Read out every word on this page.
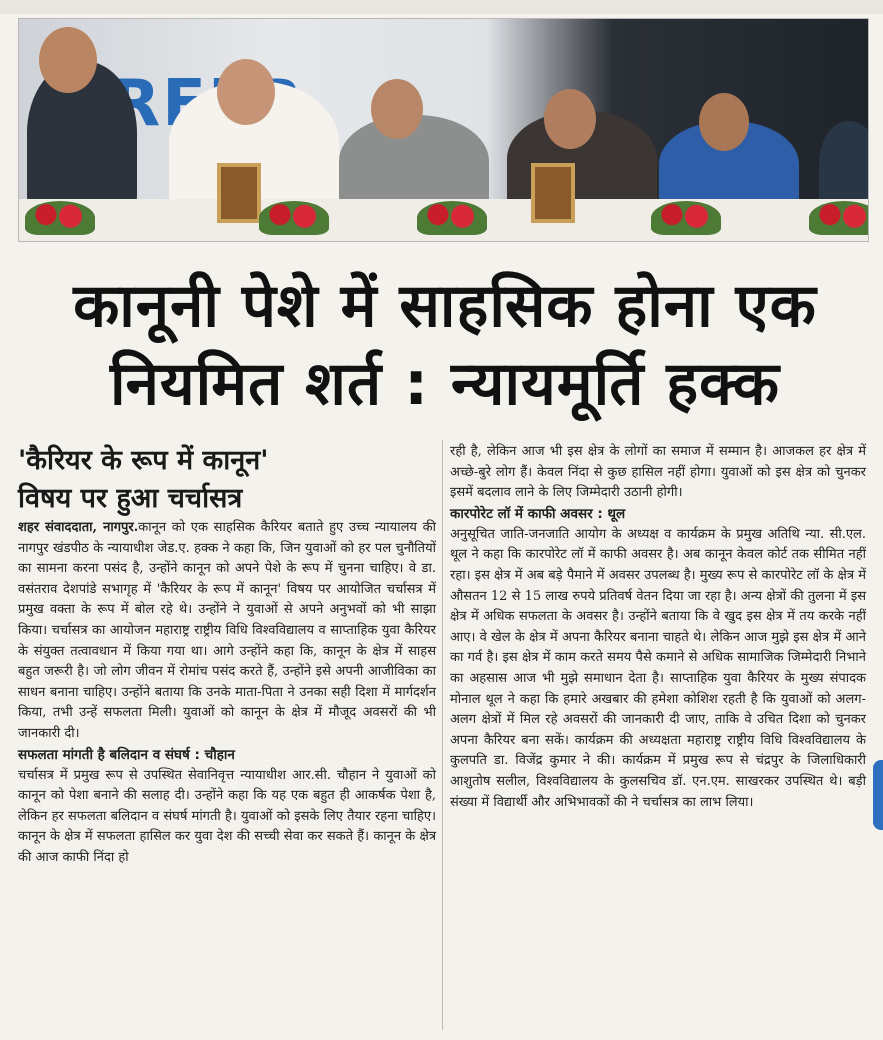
कानूनी पेशे में साहसिक होना एक
नियमित शर्त : न्यायमूर्ति हक्क
'कैरियर के रूप में कानून'
विषय पर हुआ चर्चासत्र

शहर संवाददाता, नागपुर.कानून को एक साहसिक कैरियर बताते हुए उच्च न्यायालय की नागपुर खंडपीठ के न्यायाधीश जेड.ए. हक्क ने कहा कि, जिन युवाओं को हर पल चुनौतियों का सामना करना पसंद है, उन्होंने कानून को अपने पेशे के रूप में चुनना चाहिए। वे डा. वसंतराव देशपांडे सभागृह में 'कैरियर के रूप में कानून' विषय पर आयोजित चर्चासत्र में प्रमुख वक्ता के रूप में बोल रहे थे। उन्होंने ने युवाओं से अपने अनुभवों को भी साझा किया। चर्चासत्र का आयोजन महाराष्ट्र राष्ट्रीय विधि विश्वविद्यालय व साप्ताहिक युवा कैरियर के संयुक्त तत्वावधान में किया गया था। आगे उन्होंने कहा कि, कानून के क्षेत्र में साहस बहुत जरूरी है। जो लोग जीवन में रोमांच पसंद करते हैं, उन्होंने इसे अपनी आजीविका का साधन बनाना चाहिए। उन्होंने बताया कि उनके माता-पिता ने उनका सही दिशा में मार्गदर्शन किया, तभी उन्हें सफलता मिली। युवाओं को कानून के क्षेत्र में मौजूद अवसरों की भी जानकारी दी।

सफलता मांगती है बलिदान व संघर्ष : चौहान

चर्चासत्र में प्रमुख रूप से उपस्थित सेवानिवृत्त न्यायाधीश आर.सी. चौहान ने युवाओं को कानून को पेशा बनाने की सलाह दी। उन्होंने कहा कि यह एक बहुत ही आकर्षक पेशा है, लेकिन हर सफलता बलिदान व संघर्ष मांगती है। युवाओं को इसके लिए तैयार रहना चाहिए। कानून के क्षेत्र में सफलता हासिल कर युवा देश की सच्ची सेवा कर सकते हैं। कानून के क्षेत्र की आज काफी निंदा हो

रही है, लेकिन आज भी इस क्षेत्र के लोगों का समाज में सम्मान है। आजकल हर क्षेत्र में अच्छे-बुरे लोग हैं। केवल निंदा से कुछ हासिल नहीं होगा। युवाओं को इस क्षेत्र को चुनकर इसमें बदलाव लाने के लिए जिम्मेदारी उठानी होगी।

कारपोरेट लॉ में काफी अवसर : थूल

अनुसूचित जाति-जनजाति आयोग के अध्यक्ष व कार्यक्रम के प्रमुख अतिथि न्या. सी.एल. थूल ने कहा कि कारपोरेट लॉ में काफी अवसर है। अब कानून केवल कोर्ट तक सीमित नहीं रहा। इस क्षेत्र में अब बड़े पैमाने में अवसर उपलब्ध है। मुख्य रूप से कारपोरेट लॉ के क्षेत्र में औसतन 12 से 15 लाख रुपये प्रतिवर्ष वेतन दिया जा रहा है। अन्य क्षेत्रों की तुलना में इस क्षेत्र में अधिक सफलता के अवसर है। उन्होंने बताया कि वे खुद इस क्षेत्र में तय करके नहीं आए। वे खेल के क्षेत्र में अपना कैरियर बनाना चाहते थे। लेकिन आज मुझे इस क्षेत्र में आने का गर्व है। इस क्षेत्र में काम करते समय पैसे कमाने से अधिक सामाजिक जिम्मेदारी निभाने का अहसास आज भी मुझे समाधान देता है। साप्ताहिक युवा कैरियर के मुख्य संपादक मोनाल थूल ने कहा कि हमारे अखबार की हमेशा कोशिश रहती है कि युवाओं को अलग-अलग क्षेत्रों में मिल रहे अवसरों की जानकारी दी जाए, ताकि वे उचित दिशा को चुनकर अपना कैरियर बना सकें। कार्यक्रम की अध्यक्षता महाराष्ट्र राष्ट्रीय विधि विश्वविद्यालय के कुलपति डा. विजेंद्र कुमार ने की। कार्यक्रम में प्रमुख रूप से चंद्रपुर के जिलाधिकारी आशुतोष सलील, विश्वविद्यालय के कुलसचिव डॉ. एन.एम. साखरकर उपस्थित थे। बड़ी संख्या में विद्यार्थी और अभिभावकों की ने चर्चासत्र का लाभ लिया।
